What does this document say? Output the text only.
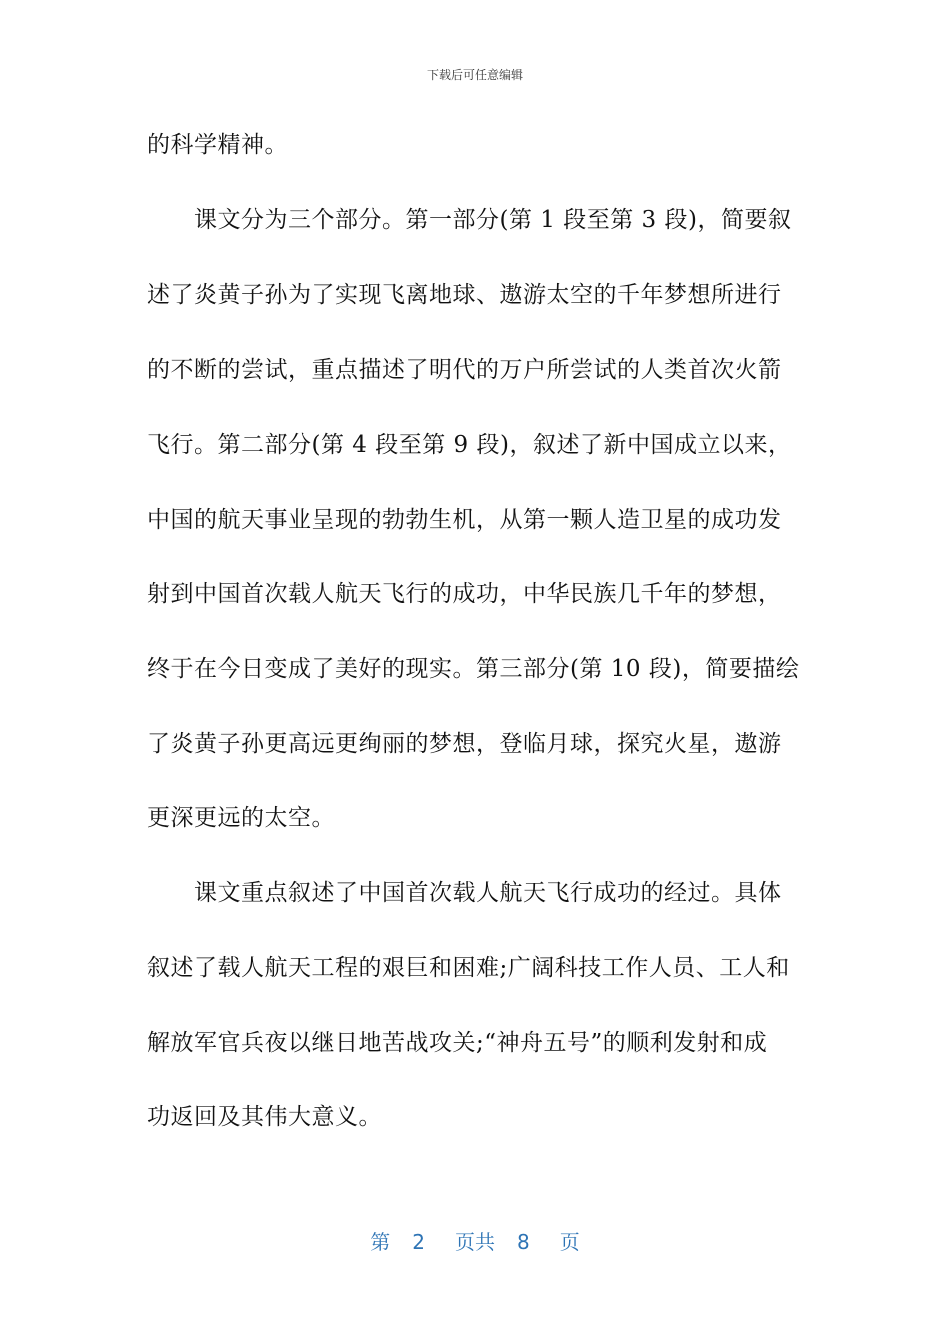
下载后可任意编辑
的科学精神。
　　课文分为三个部分。第一部分(第 1 段至第 3 段)，简要叙
述了炎黄子孙为了实现飞离地球、遨游太空的千年梦想所进行
的不断的尝试，重点描述了明代的万户所尝试的人类首次火箭
飞行。第二部分(第 4 段至第 9 段)，叙述了新中国成立以来，
中国的航天事业呈现的勃勃生机，从第一颗人造卫星的成功发
射到中国首次载人航天飞行的成功，中华民族几千年的梦想，
终于在今日变成了美好的现实。第三部分(第 10 段)，简要描绘
了炎黄子孙更高远更绚丽的梦想，登临月球，探究火星，遨游
更深更远的太空。
　　课文重点叙述了中国首次载人航天飞行成功的经过。具体
叙述了载人航天工程的艰巨和困难;广阔科技工作人员、工人和
解放军官兵夜以继日地苦战攻关;“神舟五号”的顺利发射和成
功返回及其伟大意义。
第 2 页共 8 页
